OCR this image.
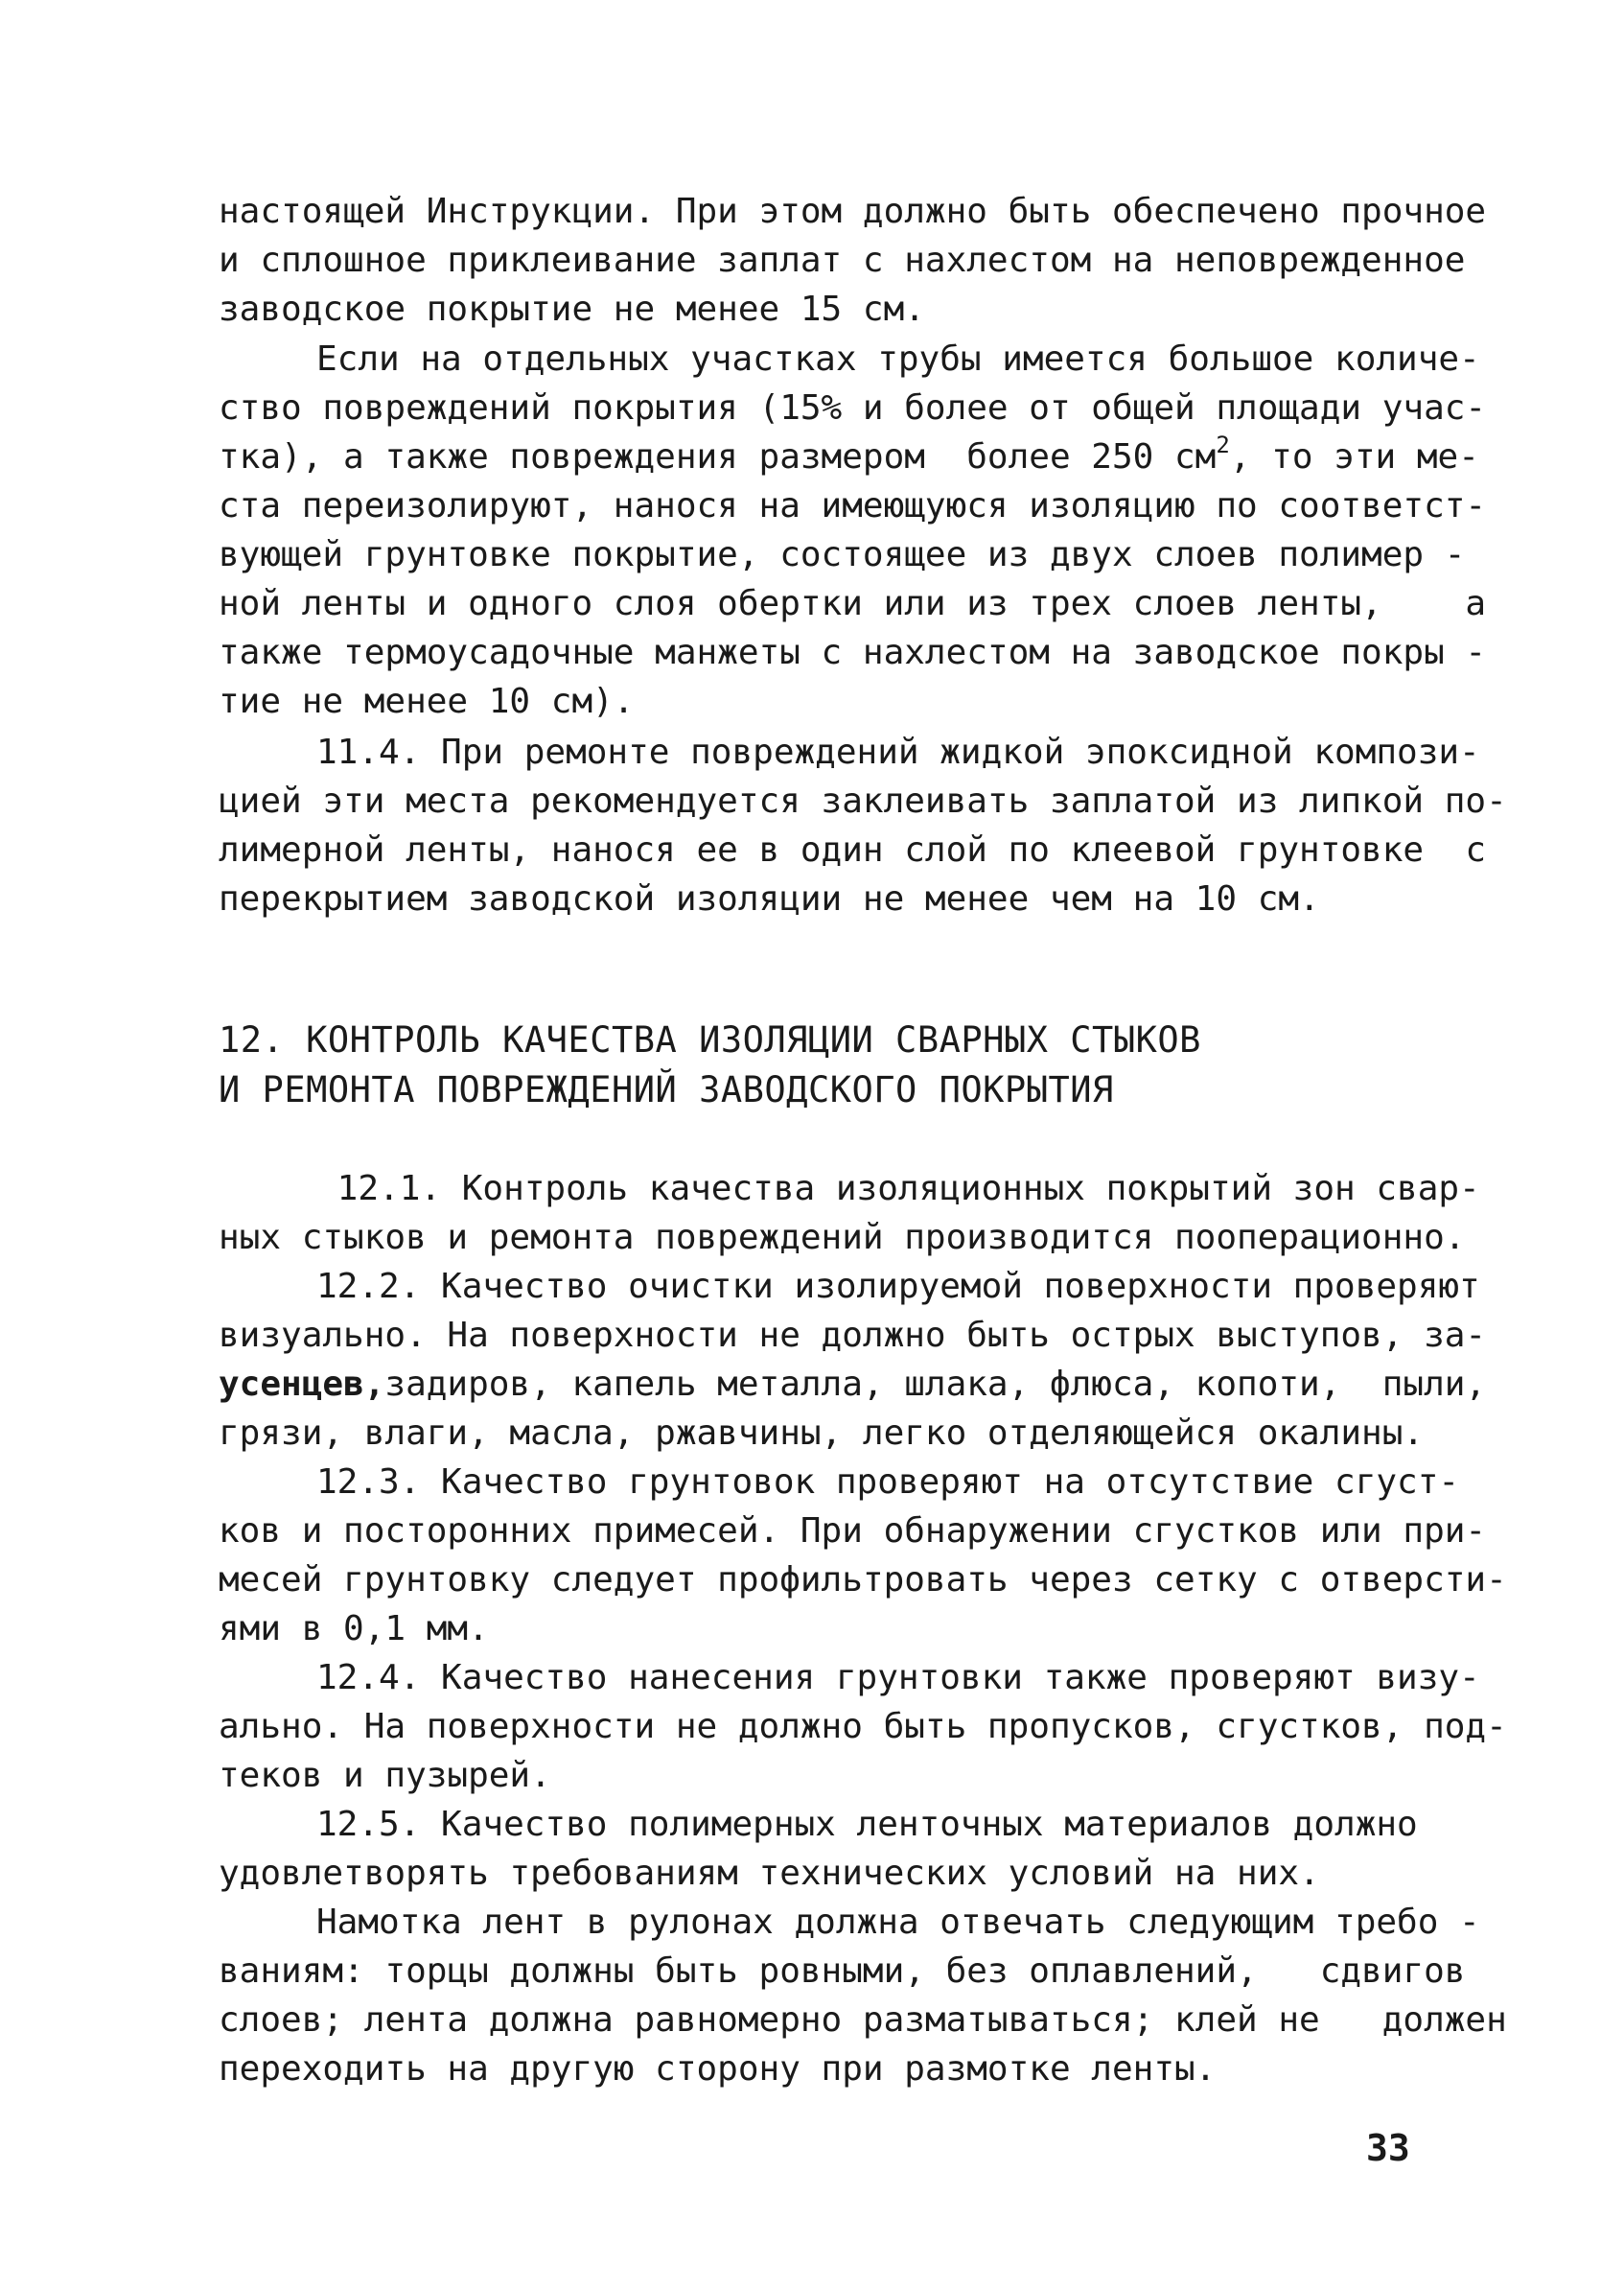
настоящей Инструкции. При этом должно быть обеспечено прочное
и сплошное приклеивание заплат с нахлестом на неповрежденное
заводское покрытие не менее 15 см.
Если на отдельных участках трубы имеется большое количе-
ство повреждений покрытия (15% и более от общей площади учас-
тка), а также повреждения размером  более 250 $см^2$, то эти ме-
ста переизолируют, нанося на имеющуюся изоляцию по соответст-
вующей грунтовке покрытие, состоящее из двух слоев полимер -
ной ленты и одного слоя обертки или из трех слоев ленты,    а
также термоусадочные манжеты с нахлестом на заводское покры -
тие не менее 10 см).
11.4. При ремонте повреждений жидкой эпоксидной компози-
цией эти места рекомендуется заклеивать заплатой из липкой по-
лимерной ленты, нанося ее в один слой по клеевой грунтовке  с
перекрытием заводской изоляции не менее чем на 10 см.
12. КОНТРОЛЬ КАЧЕСТВА ИЗОЛЯЦИИ СВАРНЫХ СТЫКОВ
И РЕМОНТА ПОВРЕЖДЕНИЙ ЗАВОДСКОГО ПОКРЫТИЯ
12.1. Контроль качества изоляционных покрытий зон свар-
ных стыков и ремонта повреждений производится пооперационно.
12.2. Качество очистки изолируемой поверхности проверяют
визуально. На поверхности не должно быть острых выступов, за-
усенцев,задиров, капель металла, шлака, флюса, копоти,  пыли,
грязи, влаги, масла, ржавчины, легко отделяющейся окалины.
12.3. Качество грунтовок проверяют на отсутствие сгуст-
ков и посторонних примесей. При обнаружении сгустков или при-
месей грунтовку следует профильтровать через сетку с отверсти-
ями в 0,1 мм.
12.4. Качество нанесения грунтовки также проверяют визу-
ально. На поверхности не должно быть пропусков, сгустков, под-
теков и пузырей.
12.5. Качество полимерных ленточных материалов должно
удовлетворять требованиям технических условий на них.
Намотка лент в рулонах должна отвечать следующим требо -
ваниям: торцы должны быть ровными, без оплавлений,   сдвигов
слоев; лента должна равномерно разматываться; клей не   должен
переходить на другую сторону при размотке ленты.
33
